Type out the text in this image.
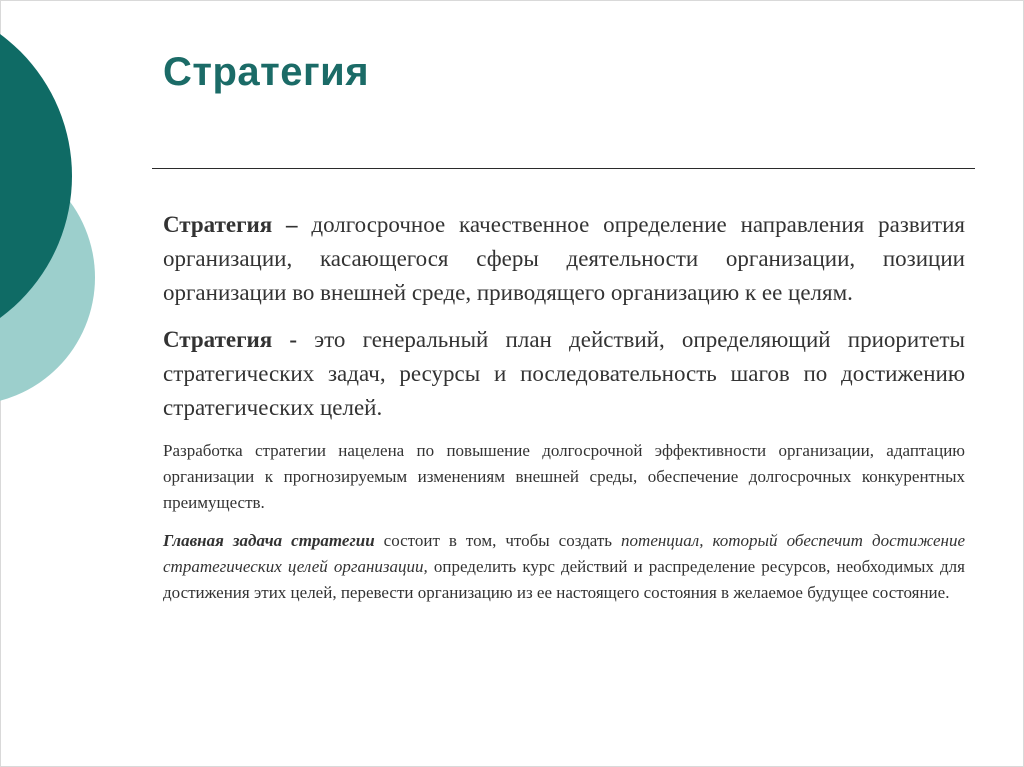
Стратегия

Стратегия – долгосрочное качественное определение направления развития организации, касающегося сферы деятельности организации, позиции организации во внешней среде, приводящего организацию к ее целям.

Стратегия - это генеральный план действий, определяющий приоритеты стратегических задач, ресурсы и последовательность шагов по достижению стратегических целей.

Разработка стратегии нацелена по повышение долгосрочной эффективности организации, адаптацию организации к прогнозируемым изменениям внешней среды, обеспечение долгосрочных конкурентных преимуществ.

Главная задача стратегии состоит в том, чтобы создать потенциал, который обеспечит достижение стратегических целей организации, определить курс действий и распределение ресурсов, необходимых для достижения этих целей, перевести организацию из ее настоящего состояния в желаемое будущее состояние.
